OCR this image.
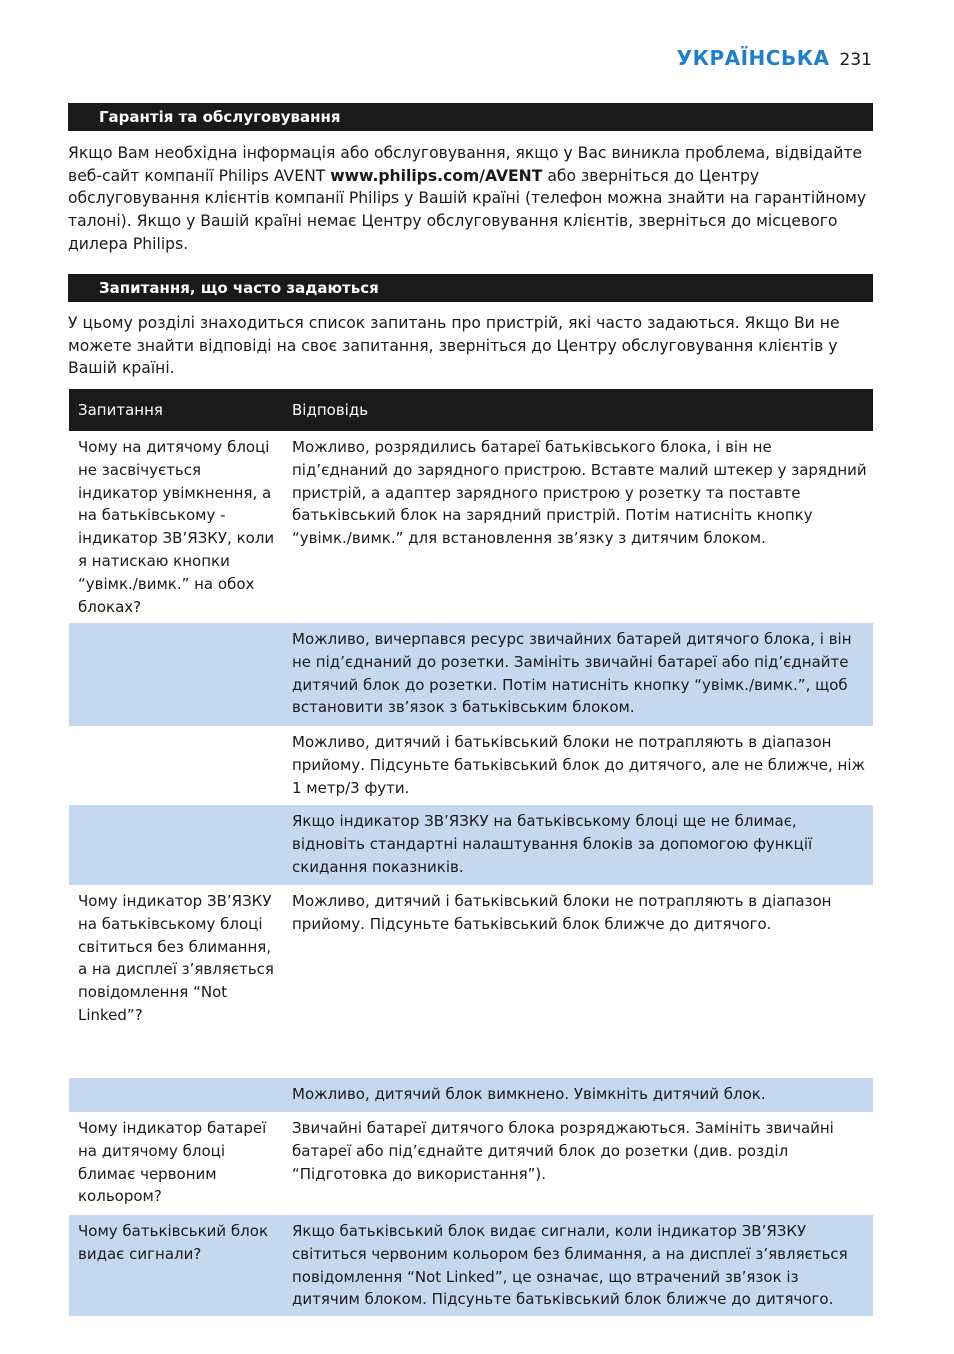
УКРАЇНСЬКА 231
Гарантія та обслуговування
Якщо Вам необхідна інформація або обслуговування, якщо у Вас виникла проблема, відвідайте веб-сайт компанії Philips AVENT www.philips.com/AVENT або зверніться до Центру обслуговування клієнтів компанії Philips у Вашій країні (телефон можна знайти на гарантійному талоні). Якщо у Вашій країні немає Центру обслуговування клієнтів, зверніться до місцевого дилера Philips.
Запитання, що часто задаються
У цьому розділі знаходиться список запитань про пристрій, які часто задаються. Якщо Ви не можете знайти відповіді на своє запитання, зверніться до Центру обслуговування клієнтів у Вашій країні.
Запитання	Відповідь
Чому на дитячому блоці не засвічується індикатор увімкнення, а на батьківському - індикатор ЗВ’ЯЗКУ, коли я натискаю кнопки “увімк./вимк.” на обох блоках?
Можливо, розрядились батареї батьківського блока, і він не під’єднаний до зарядного пристрою. Вставте малий штекер у зарядний пристрій, а адаптер зарядного пристрою у розетку та поставте батьківський блок на зарядний пристрій. Потім натисніть кнопку “увімк./вимк.” для встановлення зв’язку з дитячим блоком.
Можливо, вичерпався ресурс звичайних батарей дитячого блока, і він не під’єднаний до розетки. Замініть звичайні батареї або під’єднайте дитячий блок до розетки. Потім натисніть кнопку “увімк./вимк.”, щоб встановити зв’язок з батьківським блоком.
Можливо, дитячий і батьківський блоки не потрапляють в діапазон прийому. Підсуньте батьківський блок до дитячого, але не ближче, ніж 1 метр/3 фути.
Якщо індикатор ЗВ’ЯЗКУ на батьківському блоці ще не блимає, відновіть стандартні налаштування блоків за допомогою функції скидання показників.
Чому індикатор ЗВ’ЯЗКУ на батьківському блоці світиться без блимання, а на дисплеї з’являється повідомлення “Not Linked”?
Можливо, дитячий і батьківський блоки не потрапляють в діапазон прийому. Підсуньте батьківський блок ближче до дитячого.
Можливо, дитячий блок вимкнено. Увімкніть дитячий блок.
Чому індикатор батареї на дитячому блоці блимає червоним кольором?
Звичайні батареї дитячого блока розряджаються. Замініть звичайні батареї або під’єднайте дитячий блок до розетки (див. розділ “Підготовка до використання”).
Чому батьківський блок видає сигнали?
Якщо батьківський блок видає сигнали, коли індикатор ЗВ’ЯЗКУ світиться червоним кольором без блимання, а на дисплеї з’являється повідомлення “Not Linked”, це означає, що втрачений зв’язок із дитячим блоком. Підсуньте батьківський блок ближче до дитячого.
